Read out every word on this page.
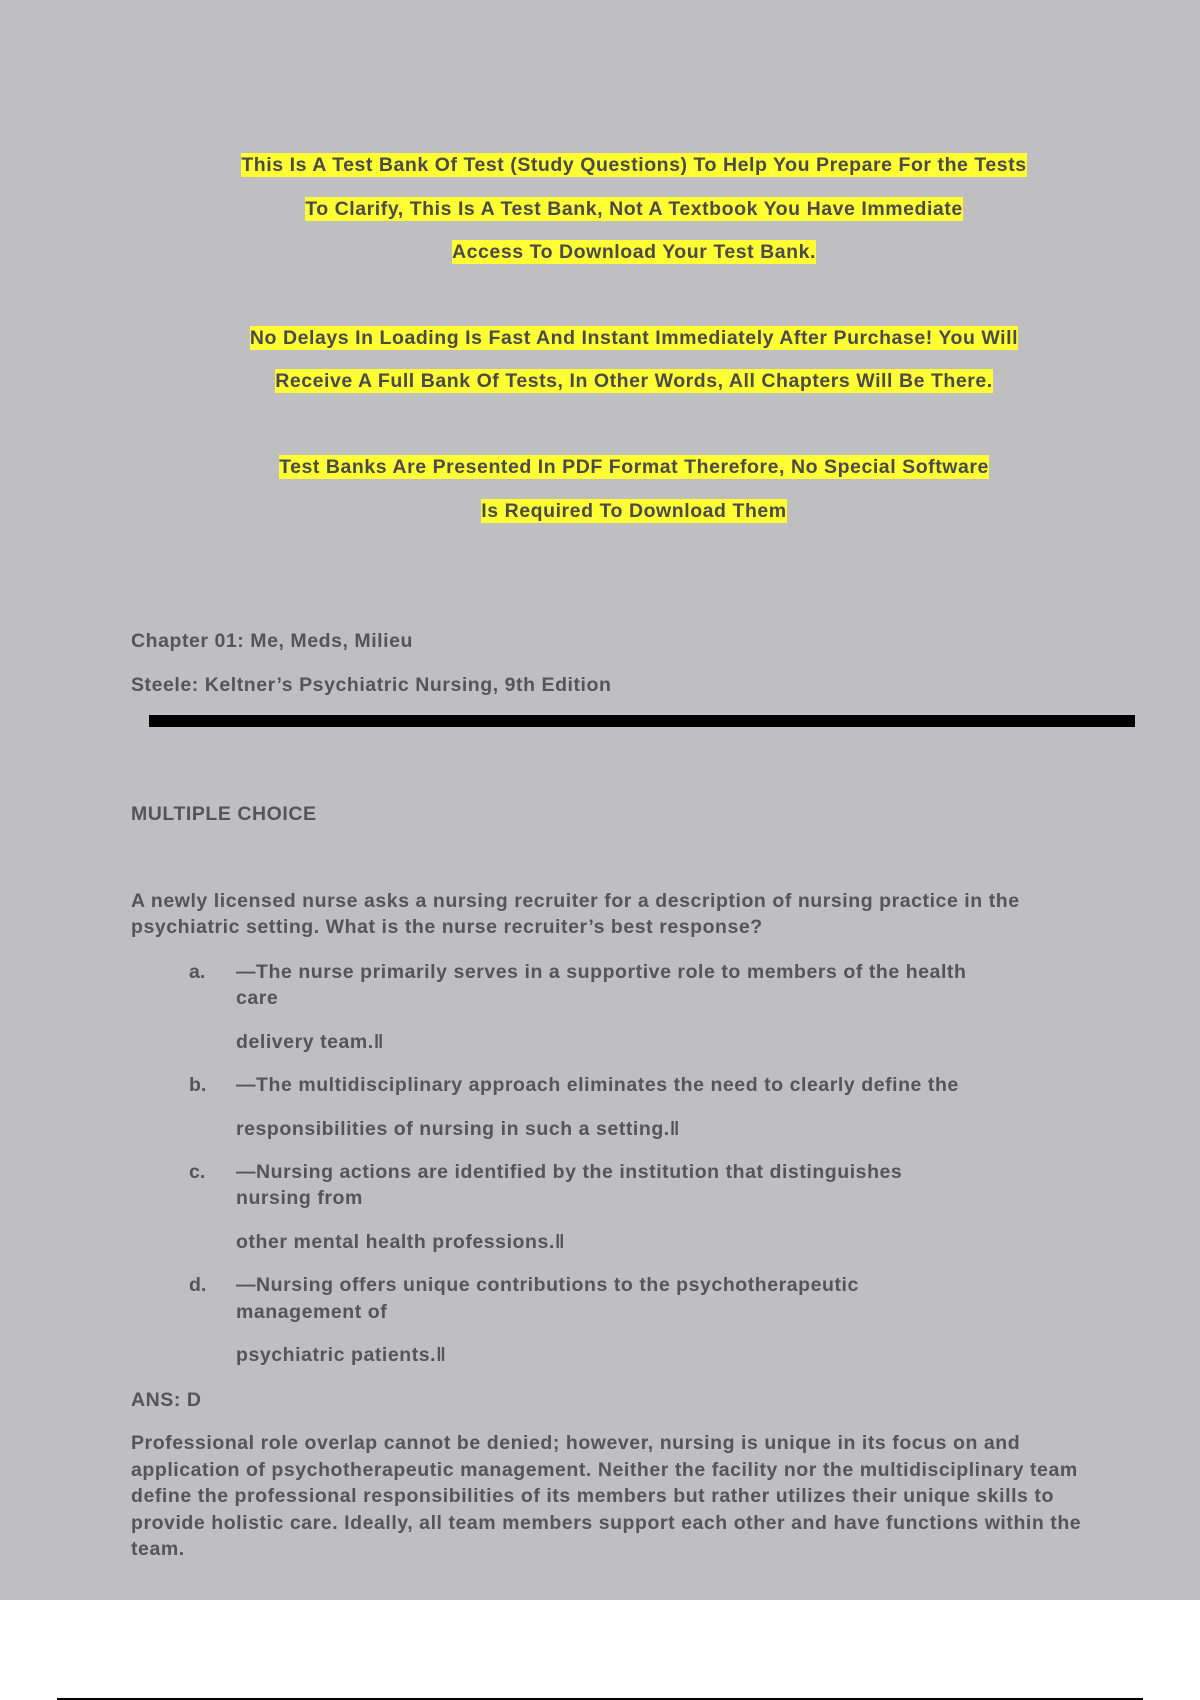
This Is A Test Bank Of Test (Study Questions) To Help You Prepare For the Tests
To Clarify, This Is A Test Bank, Not A Textbook You Have Immediate
Access To Download Your Test Bank.
No Delays In Loading Is Fast And Instant Immediately After Purchase! You Will
Receive A Full Bank Of Tests, In Other Words, All Chapters Will Be There.
Test Banks Are Presented In PDF Format Therefore, No Special Software
Is Required To Download Them
Chapter 01: Me, Meds, Milieu
Steele: Keltner’s Psychiatric Nursing, 9th Edition
MULTIPLE CHOICE
A newly licensed nurse asks a nursing recruiter for a description of nursing practice in the
psychiatric setting. What is the nurse recruiter’s best response?
a. ―The nurse primarily serves in a supportive role to members of the health
care
delivery team.‖
b. ―The multidisciplinary approach eliminates the need to clearly define the
responsibilities of nursing in such a setting.‖
c. ―Nursing actions are identified by the institution that distinguishes
nursing from
other mental health professions.‖
d. ―Nursing offers unique contributions to the psychotherapeutic
management of
psychiatric patients.‖
ANS: D
Professional role overlap cannot be denied; however, nursing is unique in its focus on and application of psychotherapeutic management. Neither the facility nor the multidisciplinary team define the professional responsibilities of its members but rather utilizes their unique skills to provide holistic care. Ideally, all team members support each other and have functions within the team.
